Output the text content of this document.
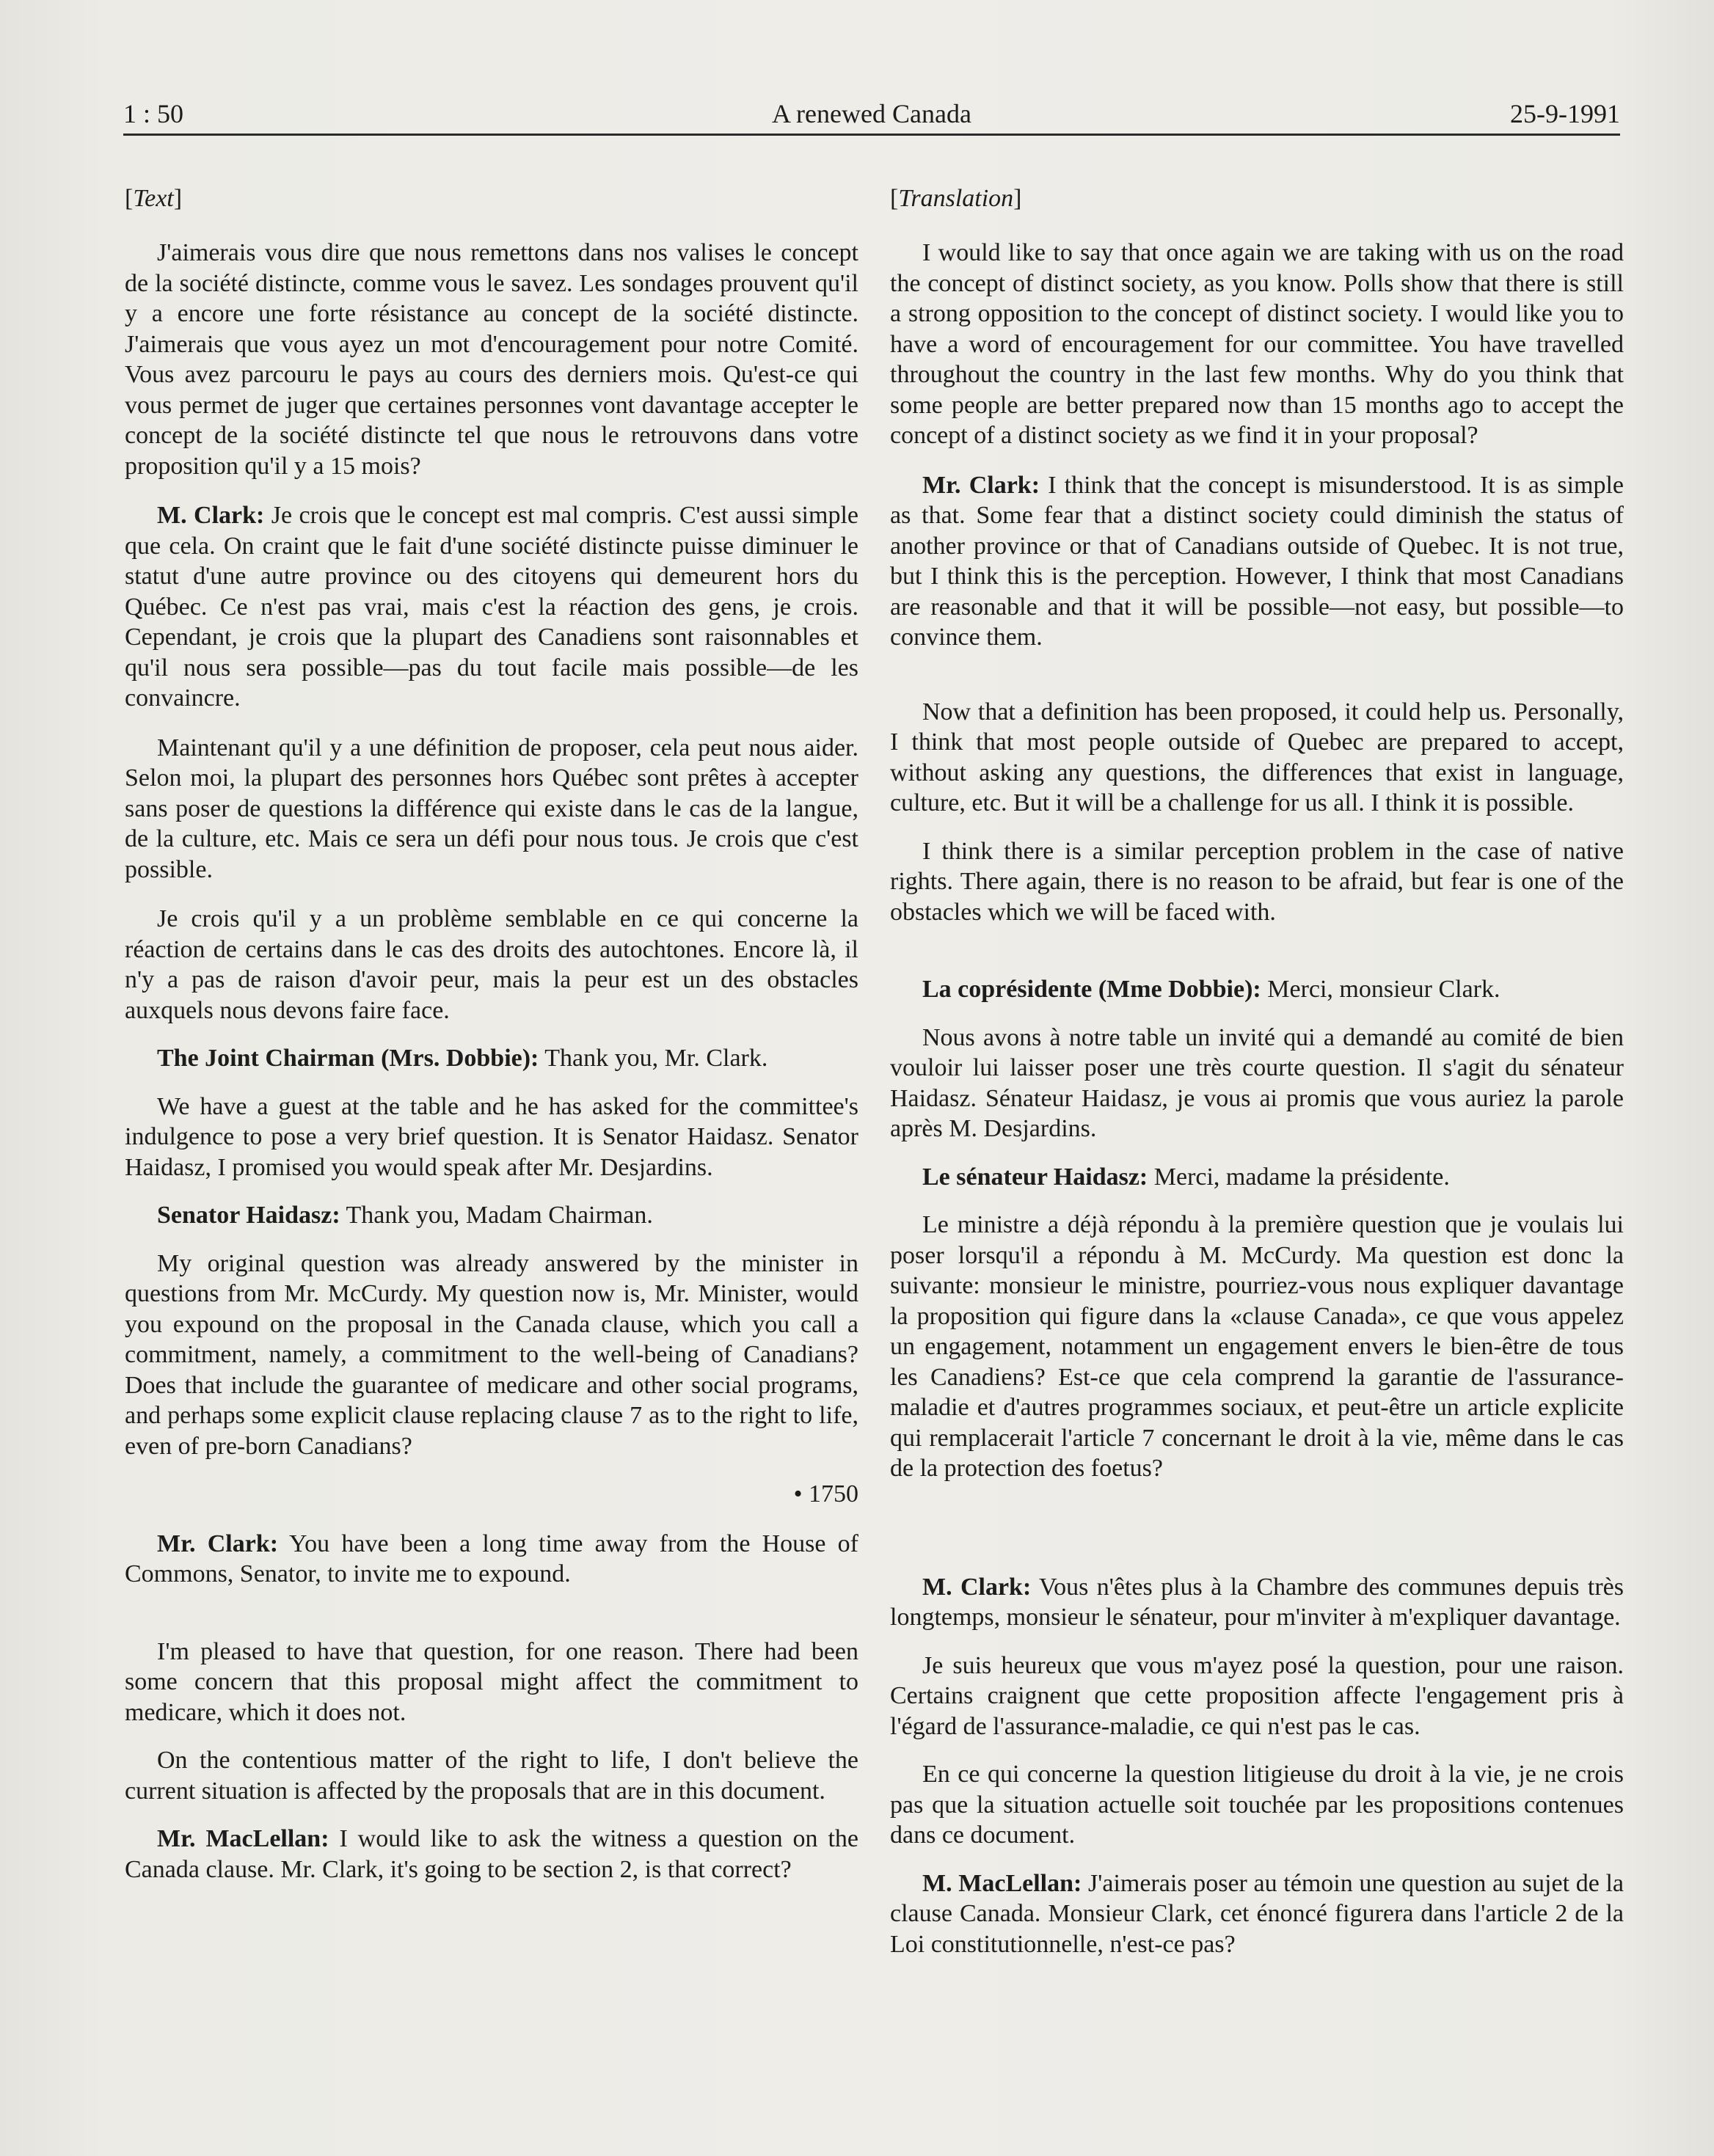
1 : 50	A renewed Canada	25-9-1991
[ Text ]

J'aimerais vous dire que nous remettons dans nos valises le concept de la société distincte, comme vous le savez. Les sondages prouvent qu'il y a encore une forte résistance au concept de la société distincte. J'aimerais que vous ayez un mot d'encouragement pour notre Comité. Vous avez parcouru le pays au cours des derniers mois. Qu'est-ce qui vous permet de juger que certaines personnes vont davantage accepter le concept de la société distincte tel que nous le retrouvons dans votre proposition qu'il y a 15 mois?

M. Clark: Je crois que le concept est mal compris. C'est aussi simple que cela. On craint que le fait d'une société distincte puisse diminuer le statut d'une autre province ou des citoyens qui demeurent hors du Québec. Ce n'est pas vrai, mais c'est la réaction des gens, je crois. Cependant, je crois que la plupart des Canadiens sont raisonnables et qu'il nous sera possible—pas du tout facile mais possible—de les convaincre.

Maintenant qu'il y a une définition de proposer, cela peut nous aider. Selon moi, la plupart des personnes hors Québec sont prêtes à accepter sans poser de questions la différence qui existe dans le cas de la langue, de la culture, etc. Mais ce sera un défi pour nous tous. Je crois que c'est possible.

Je crois qu'il y a un problème semblable en ce qui concerne la réaction de certains dans le cas des droits des autochtones. Encore là, il n'y a pas de raison d'avoir peur, mais la peur est un des obstacles auxquels nous devons faire face.

The Joint Chairman (Mrs. Dobbie): Thank you, Mr. Clark.

We have a guest at the table and he has asked for the committee's indulgence to pose a very brief question. It is Senator Haidasz. Senator Haidasz, I promised you would speak after Mr. Desjardins.

Senator Haidasz: Thank you, Madam Chairman.

My original question was already answered by the minister in questions from Mr. McCurdy. My question now is, Mr. Minister, would you expound on the proposal in the Canada clause, which you call a commitment, namely, a commitment to the well-being of Canadians? Does that include the guarantee of medicare and other social programs, and perhaps some explicit clause replacing clause 7 as to the right to life, even of pre-born Canadians?

• 1750

Mr. Clark: You have been a long time away from the House of Commons, Senator, to invite me to expound.

I'm pleased to have that question, for one reason. There had been some concern that this proposal might affect the commitment to medicare, which it does not.

On the contentious matter of the right to life, I don't believe the current situation is affected by the proposals that are in this document.

Mr. MacLellan: I would like to ask the witness a question on the Canada clause. Mr. Clark, it's going to be section 2, is that correct?

[ Translation ]

I would like to say that once again we are taking with us on the road the concept of distinct society, as you know. Polls show that there is still a strong opposition to the concept of distinct society. I would like you to have a word of encouragement for our committee. You have travelled throughout the country in the last few months. Why do you think that some people are better prepared now than 15 months ago to accept the concept of a distinct society as we find it in your proposal?

Mr. Clark: I think that the concept is misunderstood. It is as simple as that. Some fear that a distinct society could diminish the status of another province or that of Canadians outside of Quebec. It is not true, but I think this is the perception. However, I think that most Canadians are reasonable and that it will be possible—not easy, but possible—to convince them.

Now that a definition has been proposed, it could help us. Personally, I think that most people outside of Quebec are prepared to accept, without asking any questions, the differences that exist in language, culture, etc. But it will be a challenge for us all. I think it is possible.

I think there is a similar perception problem in the case of native rights. There again, there is no reason to be afraid, but fear is one of the obstacles which we will be faced with.

La coprésidente (Mme Dobbie): Merci, monsieur Clark.

Nous avons à notre table un invité qui a demandé au comité de bien vouloir lui laisser poser une très courte question. Il s'agit du sénateur Haidasz. Sénateur Haidasz, je vous ai promis que vous auriez la parole après M. Desjardins.

Le sénateur Haidasz: Merci, madame la présidente.

Le ministre a déjà répondu à la première question que je voulais lui poser lorsqu'il a répondu à M. McCurdy. Ma question est donc la suivante: monsieur le ministre, pourriez-vous nous expliquer davantage la proposition qui figure dans la «clause Canada», ce que vous appelez un engagement, notamment un engagement envers le bien-être de tous les Canadiens? Est-ce que cela comprend la garantie de l'assurance-maladie et d'autres programmes sociaux, et peut-être un article explicite qui remplacerait l'article 7 concernant le droit à la vie, même dans le cas de la protection des foetus?

M. Clark: Vous n'êtes plus à la Chambre des communes depuis très longtemps, monsieur le sénateur, pour m'inviter à m'expliquer davantage.

Je suis heureux que vous m'ayez posé la question, pour une raison. Certains craignent que cette proposition affecte l'engagement pris à l'égard de l'assurance-maladie, ce qui n'est pas le cas.

En ce qui concerne la question litigieuse du droit à la vie, je ne crois pas que la situation actuelle soit touchée par les propositions contenues dans ce document.

M. MacLellan: J'aimerais poser au témoin une question au sujet de la clause Canada. Monsieur Clark, cet énoncé figurera dans l'article 2 de la Loi constitutionnelle, n'est-ce pas?
